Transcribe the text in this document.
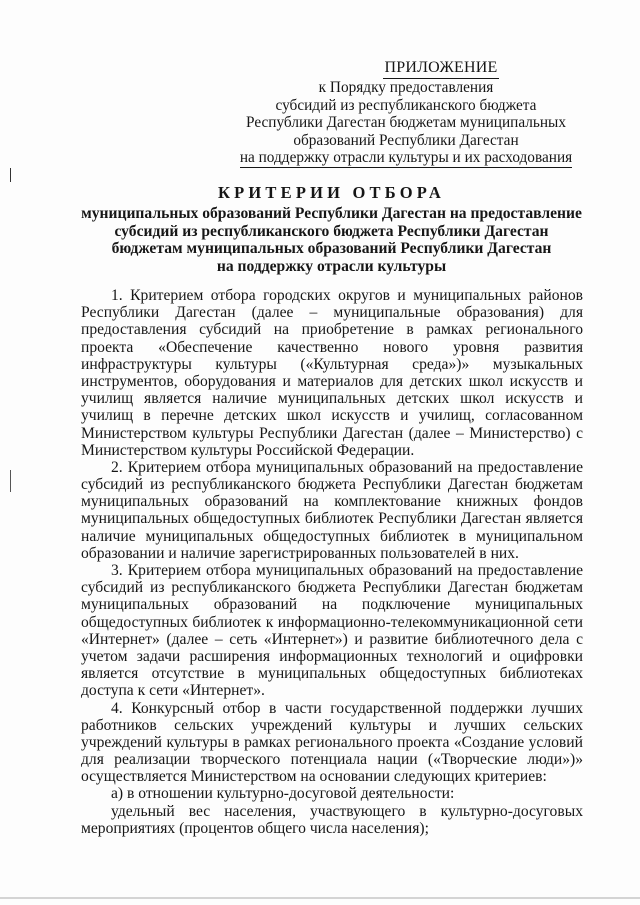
ПРИЛОЖЕНИЕ
к Порядку предоставления
субсидий из республиканского бюджета
Республики Дагестан бюджетам муниципальных
образований Республики Дагестан
на поддержку отрасли культуры и их расходования
КРИТЕРИИ ОТБОРА
муниципальных образований Республики Дагестан на предоставление
субсидий из республиканского бюджета Республики Дагестан
бюджетам муниципальных образований Республики Дагестан
на поддержку отрасли культуры
1. Критерием отбора городских округов и муниципальных районов
Республики Дагестан (далее – муниципальные образования) для
предоставления субсидий на приобретение в рамках регионального
проекта «Обеспечение качественно нового уровня развития
инфраструктуры культуры («Культурная среда»)» музыкальных
инструментов, оборудования и материалов для детских школ искусств и
училищ является наличие муниципальных детских школ искусств и
училищ в перечне детских школ искусств и училищ, согласованном
Министерством культуры Республики Дагестан (далее – Министерство) с
Министерством культуры Российской Федерации.
2. Критерием отбора муниципальных образований на предоставление
субсидий из республиканского бюджета Республики Дагестан бюджетам
муниципальных образований на комплектование книжных фондов
муниципальных общедоступных библиотек Республики Дагестан является
наличие муниципальных общедоступных библиотек в муниципальном
образовании и наличие зарегистрированных пользователей в них.
3. Критерием отбора муниципальных образований на предоставление
субсидий из республиканского бюджета Республики Дагестан бюджетам
муниципальных образований на подключение муниципальных
общедоступных библиотек к информационно-телекоммуникационной сети
«Интернет» (далее – сеть «Интернет») и развитие библиотечного дела с
учетом задачи расширения информационных технологий и оцифровки
является отсутствие в муниципальных общедоступных библиотеках
доступа к сети «Интернет».
4. Конкурсный отбор в части государственной поддержки лучших
работников сельских учреждений культуры и лучших сельских
учреждений культуры в рамках регионального проекта «Создание условий
для реализации творческого потенциала нации («Творческие люди»)»
осуществляется Министерством на основании следующих критериев:
а) в отношении культурно-досуговой деятельности:
удельный вес населения, участвующего в культурно-досуговых
мероприятиях (процентов общего числа населения);
